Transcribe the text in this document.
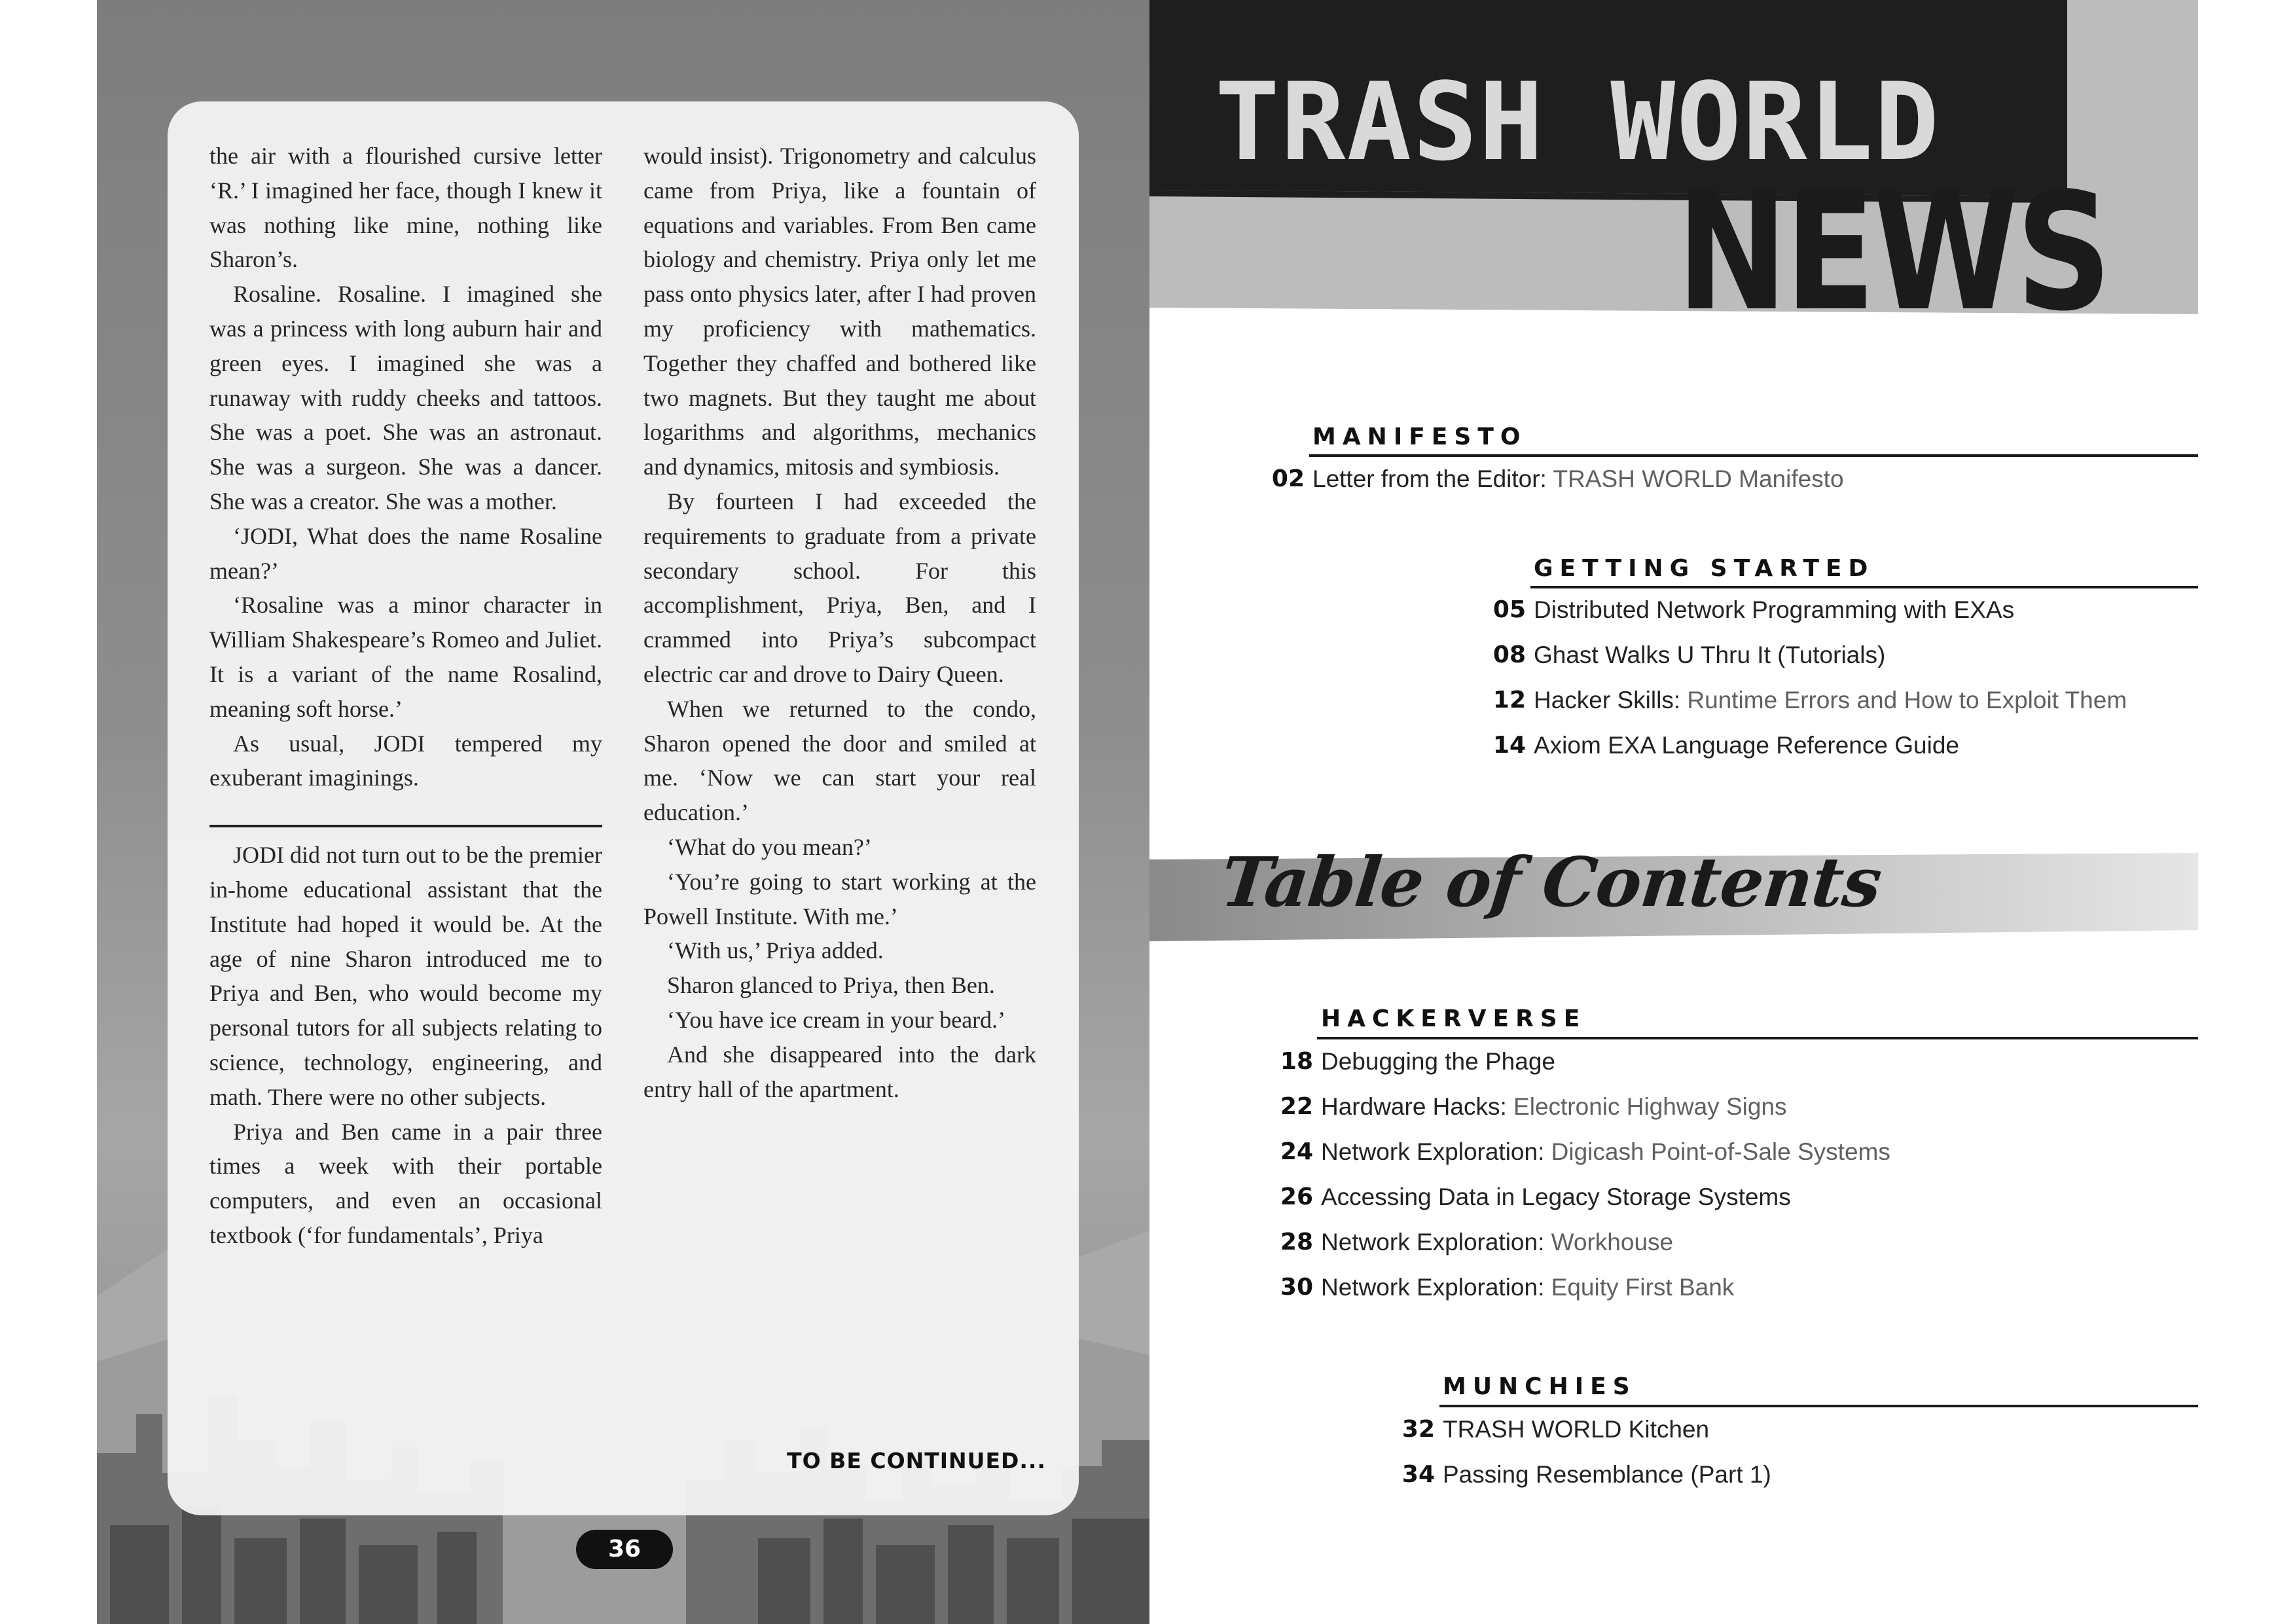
the air with a flourished cursive letter ‘R.’ I imagined her face, though I knew it was nothing like mine, nothing like Sharon’s.

Rosaline. Rosaline. I imagined she was a princess with long auburn hair and green eyes. I imagined she was a runaway with ruddy cheeks and tattoos. She was a poet. She was an astronaut. She was a surgeon. She was a dancer. She was a creator. She was a mother.

‘JODI, What does the name Rosaline mean?’

‘Rosaline was a minor character in William Shakespeare’s Romeo and Juliet. It is a variant of the name Rosalind, meaning soft horse.’

As usual, JODI tempered my exuberant imaginings.

JODI did not turn out to be the premier in-home educational assistant that the Institute had hoped it would be. At the age of nine Sharon introduced me to Priya and Ben, who would become my personal tutors for all subjects relating to science, technology, engineering, and math. There were no other subjects.

Priya and Ben came in a pair three times a week with their portable computers, and even an occasional textbook (‘for fundamentals’, Priya

would insist). Trigonometry and calculus came from Priya, like a fountain of equations and variables. From Ben came biology and chemistry. Priya only let me pass onto physics later, after I had proven my proficiency with mathematics. Together they chaffed and bothered like two magnets. But they taught me about logarithms and algorithms, mechanics and dynamics, mitosis and symbiosis.

By fourteen I had exceeded the requirements to graduate from a private secondary school. For this accomplishment, Priya, Ben, and I crammed into Priya’s subcompact electric car and drove to Dairy Queen.

When we returned to the condo, Sharon opened the door and smiled at me. ‘Now we can start your real education.’

‘What do you mean?’

‘You’re going to start working at the Powell Institute. With me.’

‘With us,’ Priya added.

Sharon glanced to Priya, then Ben.

‘You have ice cream in your beard.’

And she disappeared into the dark entry hall of the apartment.

TO BE CONTINUED...
36
TRASH WORLD
NEWS
ISSUE 1
MANIFESTO
02 Letter from the Editor: TRASH WORLD Manifesto
GETTING STARTED
05 Distributed Network Programming with EXAs
08 Ghast Walks U Thru It (Tutorials)
12 Hacker Skills: Runtime Errors and How to Exploit Them
14 Axiom EXA Language Reference Guide
Table of Contents
HACKERVERSE
18 Debugging the Phage
22 Hardware Hacks: Electronic Highway Signs
24 Network Exploration: Digicash Point-of-Sale Systems
26 Accessing Data in Legacy Storage Systems
28 Network Exploration: Workhouse
30 Network Exploration: Equity First Bank
MUNCHIES
32 TRASH WORLD Kitchen
34 Passing Resemblance (Part 1)
